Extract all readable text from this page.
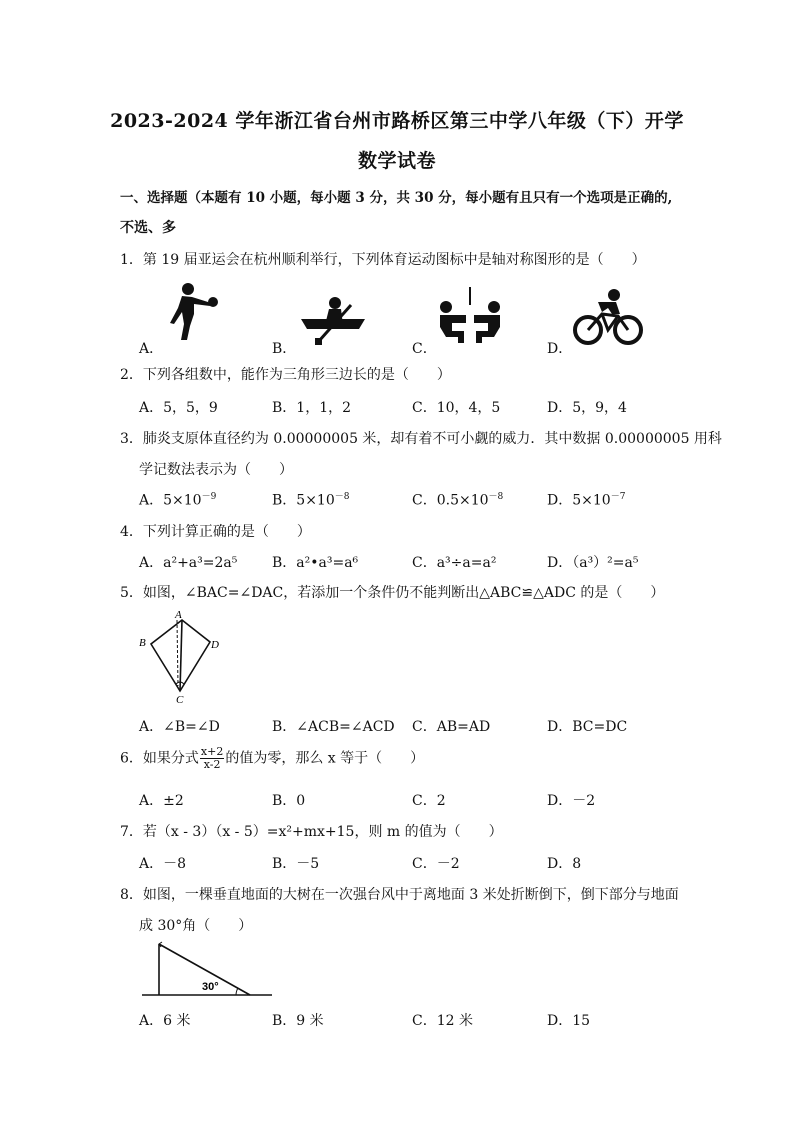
2023-2024 学年浙江省台州市路桥区第三中学八年级（下）开学
数学试卷
一、选择题（本题有 10 小题，每小题 3 分，共 30 分，每小题有且只有一个选项是正确的,
不选、多
1．第 19 届亚运会在杭州顺利举行，下列体育运动图标中是轴对称图形的是（　　）
A．	B．	C．	D．
2．下列各组数中，能作为三角形三边长的是（　　）
A．5，5，9	B．1，1，2	C．10，4，5	D．5，9，4
3．肺炎支原体直径约为 0.00000005 米，却有着不可小觑的威力．其中数据 0.00000005 用科
学记数法表示为（　　）
A．$5\times 10^{-9}$	B．$5\times 10^{-8}$	C．$0.5\times 10^{-8}$	D．$5\times 10^{-7}$
4．下列计算正确的是（　　）
A．a²+a³=2a⁵ B．a²•a³=a⁶	C．a³÷a=a²	D．（a³）²=a⁵
5．如图，∠BAC=∠DAC，若添加一个条件仍不能判断出△ABC≌△ADC 的是（　　）
A
B	D
C
A．∠B=∠D	B．∠ACB=∠ACD C．AB=AD	D．BC=DC
6．如果分式 $\frac{x+2}{x-2}$ 的值为零，那么 x 等于（　　）
A．±2	B．0	C．2	D．－2
7．若（x - 3）（x - 5）=x²+mx+15，则 m 的值为（　　）
A．－8	B．－5	C．－2	D．8
8．如图，一棵垂直地面的大树在一次强台风中于离地面 3 米处折断倒下，倒下部分与地面
成 30°角（　　）
30°
A．6 米	B．9 米	C．12 米	D．15
